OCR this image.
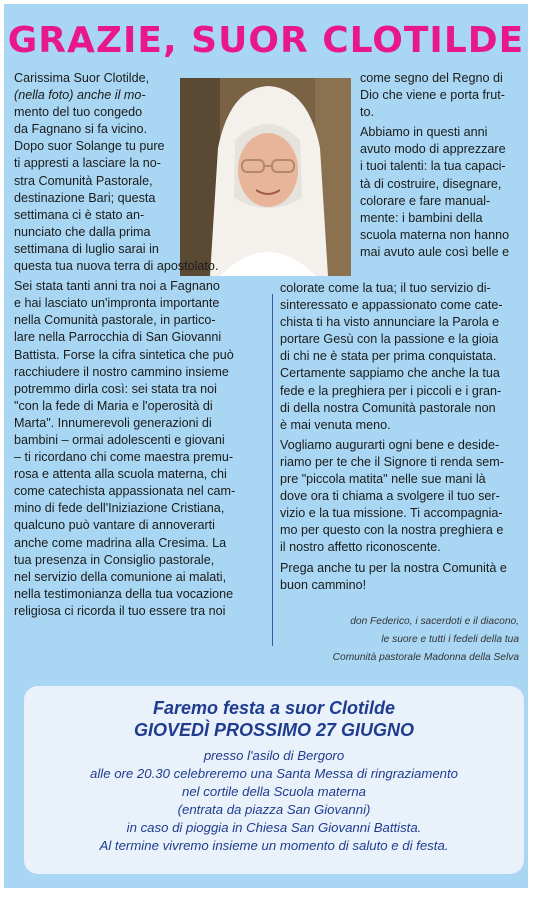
GRAZIE, SUOR CLOTILDE

Carissima Suor Clotilde,
(nella foto) anche il mo-
mento del tuo congedo
da Fagnano si fa vicino.
Dopo suor Solange tu pure
ti appresti a lasciare la no-
stra Comunità Pastorale,
destinazione Bari; questa
settimana ci è stato an-
nunciato che dalla prima
settimana di luglio sarai in
questa tua nuova terra di apostolato.

Sei stata tanti anni tra noi a Fagnano
e hai lasciato un'impronta importante
nella Comunità pastorale, in partico-
lare nella Parrocchia di San Giovanni
Battista. Forse la cifra sintetica che può
racchiudere il nostro cammino insieme
potremmo dirla così: sei stata tra noi
"con la fede di Maria e l'operosità di
Marta". Innumerevoli generazioni di
bambini – ormai adolescenti e giovani
– ti ricordano chi come maestra premu-
rosa e attenta alla scuola materna, chi
come catechista appassionata nel cam-
mino di fede dell'Iniziazione Cristiana,
qualcuno può vantare di annoverarti
anche come madrina alla Cresima. La
tua presenza in Consiglio pastorale,
nel servizio della comunione ai malati,
nella testimonianza della tua vocazione
religiosa ci ricorda il tuo essere tra noi

come segno del Regno di
Dio che viene e porta frut-
to.

Abbiamo in questi anni
avuto modo di apprezzare
i tuoi talenti: la tua capaci-
tà di costruire, disegnare,
colorare e fare manual-
mente: i bambini della
scuola materna non hanno
mai avuto aule così belle e

colorate come la tua; il tuo servizio di-
sinteressato e appassionato come cate-
chista ti ha visto annunciare la Parola e
portare Gesù con la passione e la gioia
di chi ne è stata per prima conquistata.
Certamente sappiamo che anche la tua
fede e la preghiera per i piccoli e i gran-
di della nostra Comunità pastorale non
è mai venuta meno.

Vogliamo augurarti ogni bene e deside-
riamo per te che il Signore ti renda sem-
pre "piccola matita" nelle sue mani là
dove ora ti chiama a svolgere il tuo ser-
vizio e la tua missione. Ti accompagnia-
mo per questo con la nostra preghiera e
il nostro affetto riconoscente.

Prega anche tu per la nostra Comunità e
buon cammino!

don Federico, i sacerdoti e il diacono,
le suore e tutti i fedeli della tua
Comunità pastorale Madonna della Selva
Faremo festa a suor Clotilde
GIOVEDÌ PROSSIMO 27 GIUGNO
presso l'asilo di Bergoro
alle ore 20.30 celebreremo una Santa Messa di ringraziamento
nel cortile della Scuola materna
(entrata da piazza San Giovanni)
in caso di pioggia in Chiesa San Giovanni Battista.
Al termine vivremo insieme un momento di saluto e di festa.
